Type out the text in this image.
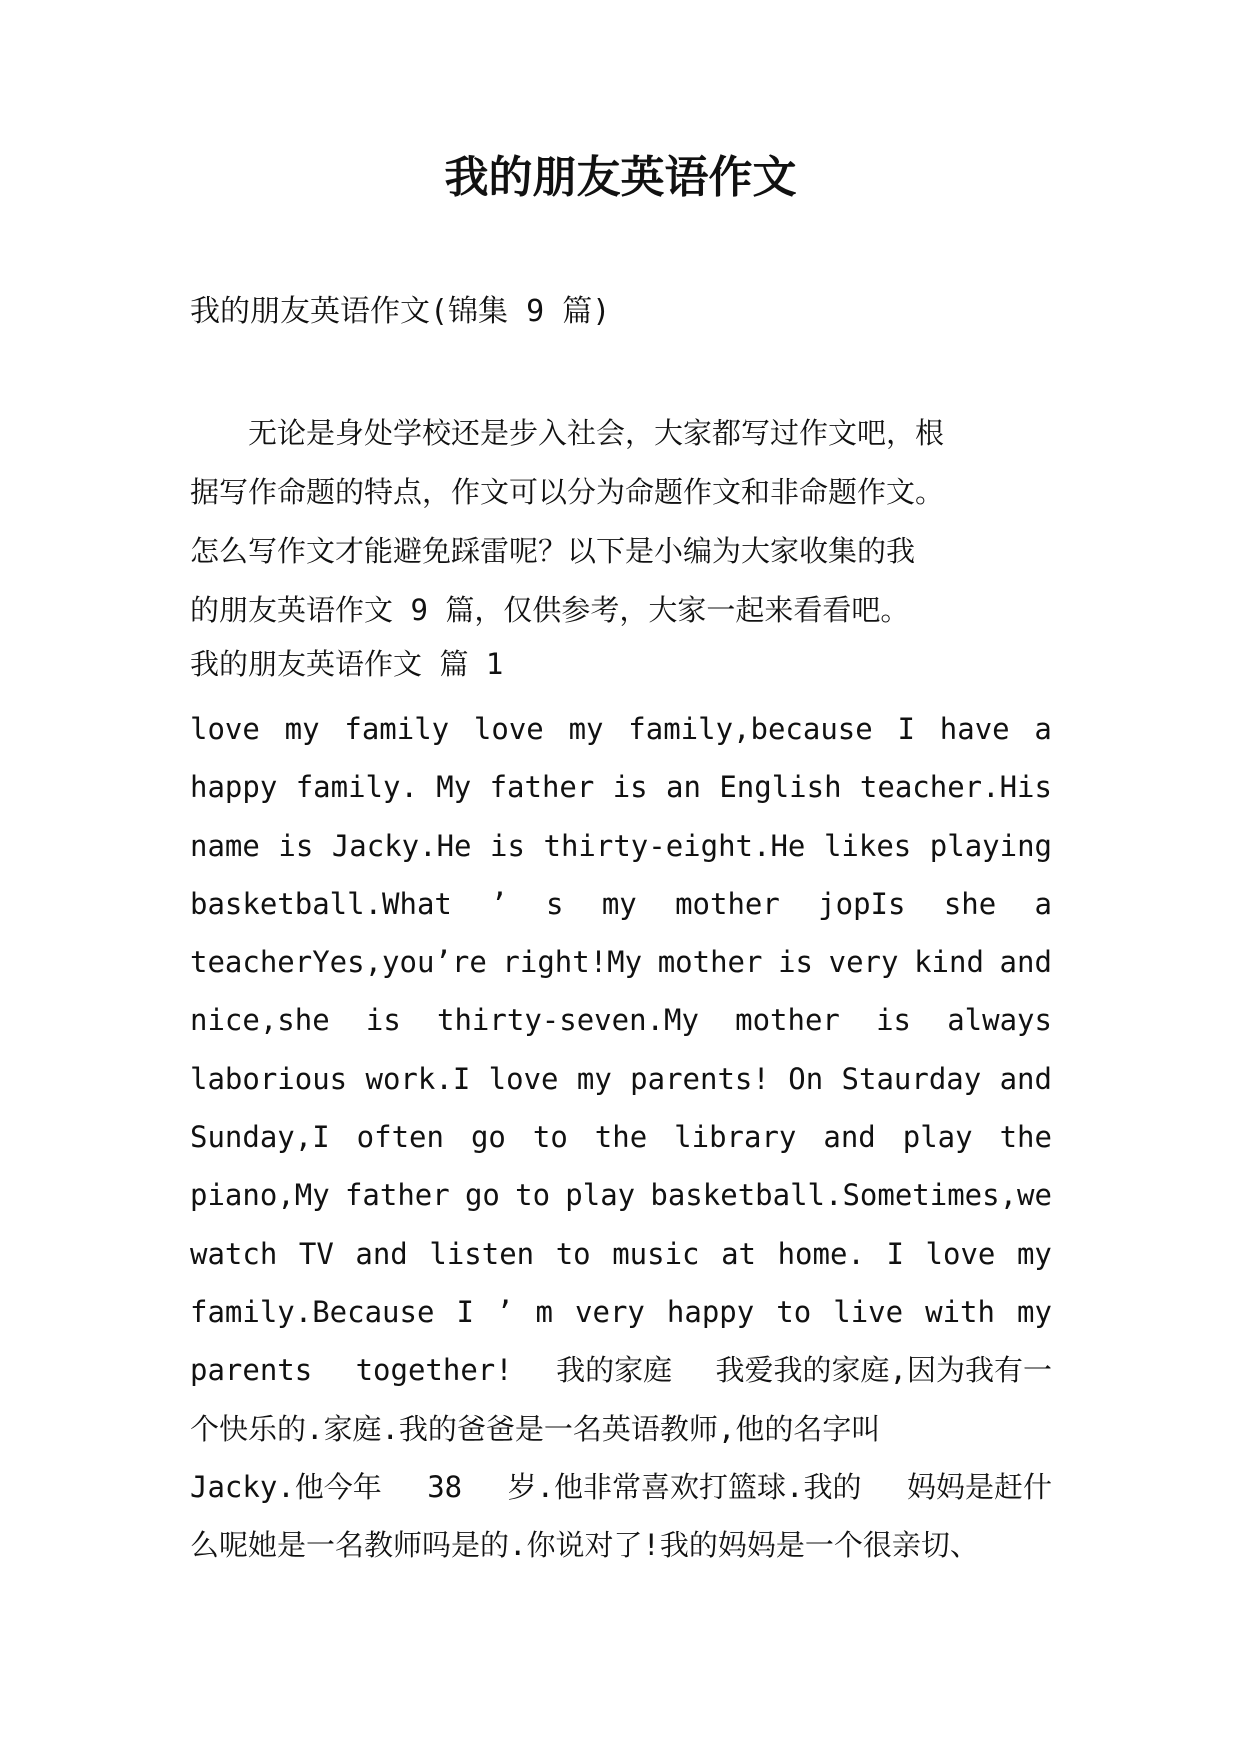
我的朋友英语作文

我的朋友英语作文(锦集 9 篇)

　　无论是身处学校还是步入社会，大家都写过作文吧，根
据写作命题的特点，作文可以分为命题作文和非命题作文。
怎么写作文才能避免踩雷呢？以下是小编为大家收集的我
的朋友英语作文 9 篇，仅供参考，大家一起来看看吧。

我的朋友英语作文 篇 1

love my family love my family,because I have a
happy family. My father is an English teacher.His
name is Jacky.He is thirty-eight.He likes playing
basketball.What ’ s my mother jopIs she a
teacherYes,you’re right!My mother is very kind and
nice,she is thirty-seven.My mother is always
laborious work.I love my parents! On Staurday and
Sunday,I often go to the library and play the
piano,My father go to play basketball.Sometimes,we
watch TV and listen to music at home. I love my
family.Because I ’ m very happy to live with my
parents together! 我的家庭 我爱我的家庭,因为我有一
个快乐的.家庭.我的爸爸是一名英语教师,他的名字叫
Jacky.他今年 38 岁.他非常喜欢打篮球.我的 妈妈是赶什
么呢她是一名教师吗是的.你说对了!我的妈妈是一个很亲切、
